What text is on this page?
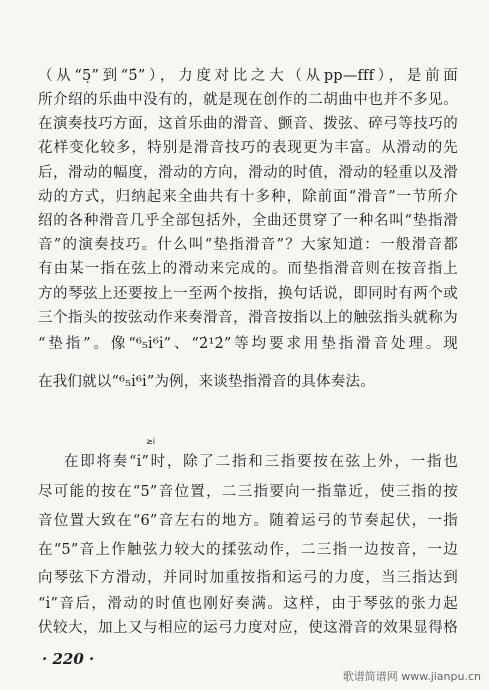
（从“5̣”到“5̇”），力度对比之大（从pp—fff），是前面
所介绍的乐曲中没有的，就是现在创作的二胡曲中也并不多见。
在演奏技巧方面，这首乐曲的滑音、颤音、拨弦、碎弓等技巧的
花样变化较多，特别是滑音技巧的表现更为丰富。从滑动的先
后，滑动的幅度，滑动的方向，滑动的时值，滑动的轻重以及滑
动的方式，归纳起来全曲共有十多种，除前面“滑音”一节所介
绍的各种滑音几乎全部包括外，全曲还贯穿了一种名叫“垫指滑
音”的演奏技巧。什么叫“垫指滑音”？大家知道：一般滑音都
有由某一指在弦上的滑动来完成的。而垫指滑音则在按音指上
方的琴弦上还要按上一至两个按指，换句话说，即同时有两个或
三个指头的按弦动作来奏滑音，滑音按指以上的触弦指头就称为
“垫指”。像“⁶₅i̇⁶i̇”、“2̇¹2̇”等均要求用垫指滑音处理。现
在我们就以“⁶₅i̇⁶i̇”为例，来谈垫指滑音的具体奏法。
≥i
在即将奏“i̇”时，除了二指和三指要按在弦上外，一指也
尽可能的按在“5”音位置，二三指要向一指靠近，使三指的按
音位置大致在“6”音左右的地方。随着运弓的节奏起伏，一指
在“5”音上作触弦力较大的揉弦动作，二三指一边按音，一边
向琴弦下方滑动，并同时加重按指和运弓的力度，当三指达到
“i̇”音后，滑动的时值也刚好奏满。这样，由于琴弦的张力起
伏较大，加上又与相应的运弓力度对应，使这滑音的效果显得格
· 220 ·
歌谱简谱网 www.jianpu.cn
